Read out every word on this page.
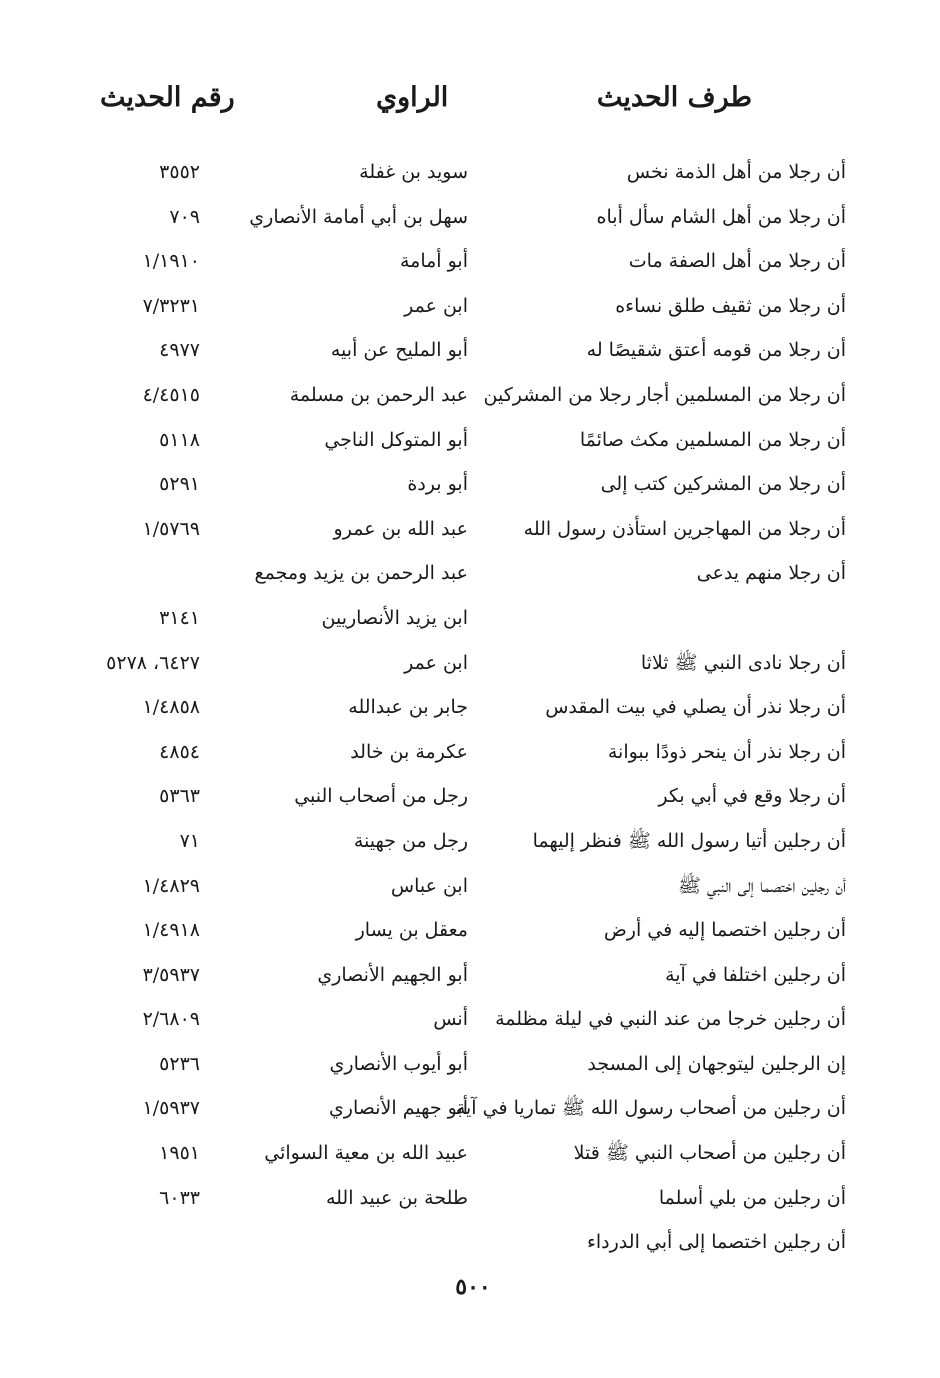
طرف الحديث
الراوي
رقم الحديث
أن رجلا من أهل الذمة نخس
سويد بن غفلة
٣٥٥٢
أن رجلا من أهل الشام سأل أباه
سهل بن أبي أمامة الأنصاري
٧٠٩
أن رجلا من أهل الصفة مات
أبو أمامة
١/١٩١٠
أن رجلا من ثقيف طلق نساءه
ابن عمر
٧/٣٢٣١
أن رجلا من قومه أعتق شقيصًا له
أبو المليح عن أبيه
٤٩٧٧
أن رجلا من المسلمين أجار رجلا من المشركين
عبد الرحمن بن مسلمة
٤/٤٥١٥
أن رجلا من المسلمين مكث صائمًا
أبو المتوكل الناجي
٥١١٨
أن رجلا من المشركين كتب إلى
أبو بردة
٥٢٩١
أن رجلا من المهاجرين استأذن رسول الله
عبد الله بن عمرو
١/٥٧٦٩
أن رجلا منهم يدعى
عبد الرحمن بن يزيد ومجمع
ابن يزيد الأنصاريين
٣١٤١
أن رجلا نادى النبي ﷺ ثلاثا
ابن عمر
٦٤٢٧، ٥٢٧٨
أن رجلا نذر أن يصلي في بيت المقدس
جابر بن عبدالله
١/٤٨٥٨
أن رجلا نذر أن ينحر ذودًا ببوانة
عكرمة بن خالد
٤٨٥٤
أن رجلا وقع في أبي بكر
رجل من أصحاب النبي
٥٣٦٣
أن رجلين أتيا رسول الله ﷺ فنظر إليهما
رجل من جهينة
٧١
أن رجلين اختصما إلى النبي ﷺ
ابن عباس
١/٤٨٢٩
أن رجلين اختصما إليه في أرض
معقل بن يسار
١/٤٩١٨
أن رجلين اختلفا في آية
أبو الجهيم الأنصاري
٣/٥٩٣٧
أن رجلين خرجا من عند النبي في ليلة مظلمة
أنس
٢/٦٨٠٩
إن الرجلين ليتوجهان إلى المسجد
أبو أيوب الأنصاري
٥٢٣٦
أن رجلين من أصحاب رسول الله ﷺ تماريا في آية
أبو جهيم الأنصاري
١/٥٩٣٧
أن رجلين من أصحاب النبي ﷺ قتلا
عبيد الله بن معية السوائي
١٩٥١
أن رجلين من بلي أسلما
طلحة بن عبيد الله
٦٠٣٣
أن رجلين اختصما إلى أبي الدرداء
٥٠٠
